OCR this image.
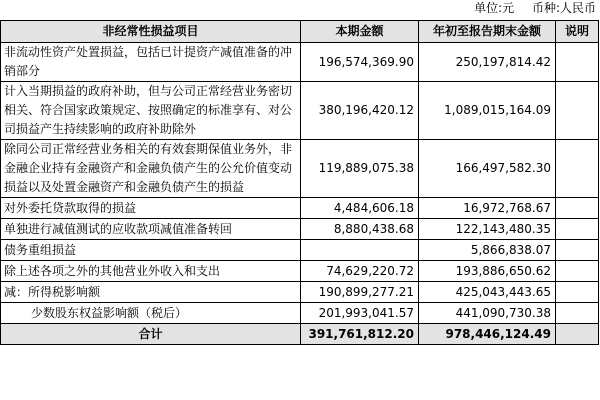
单位:元 币种:人民币
非经常性损益项目	本期金额	年初至报告期末金额	说明
非流动性资产处置损益，包括已计提资产减值准备的冲销部分	196,574,369.90	250,197,814.42	
计入当期损益的政府补助，但与公司正常经营业务密切相关、符合国家政策规定、按照确定的标准享有、对公司损益产生持续影响的政府补助除外	380,196,420.12	1,089,015,164.09	
除同公司正常经营业务相关的有效套期保值业务外，非金融企业持有金融资产和金融负债产生的公允价值变动损益以及处置金融资产和金融负债产生的损益	119,889,075.38	166,497,582.30	
对外委托贷款取得的损益	4,484,606.18	16,972,768.67	
单独进行减值测试的应收款项减值准备转回	8,880,438.68	122,143,480.35	
债务重组损益		5,866,838.07	
除上述各项之外的其他营业外收入和支出	74,629,220.72	193,886,650.62	
减：所得税影响额	190,899,277.21	425,043,443.65	
少数股东权益影响额（税后）	201,993,041.57	441,090,730.38	
合计	391,761,812.20	978,446,124.49	
